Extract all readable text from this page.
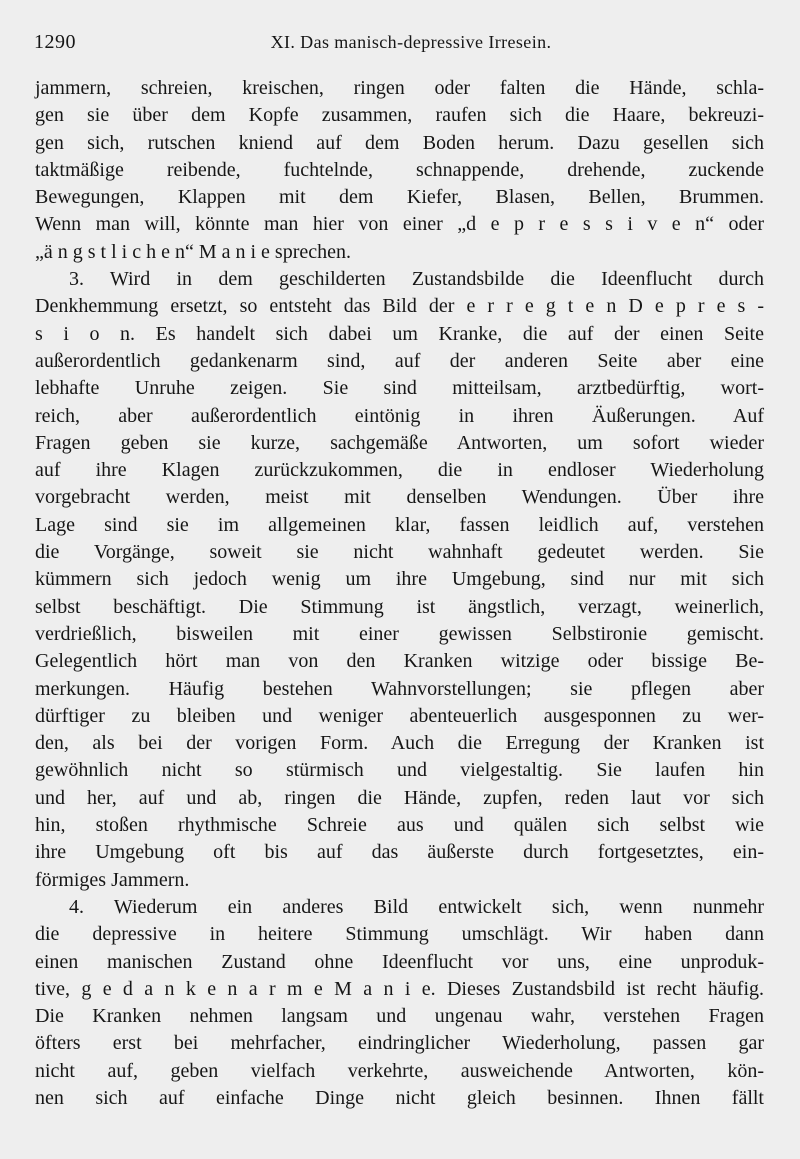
1290	XI. Das manisch-depressive Irresein.
jammern, schreien, kreischen, ringen oder falten die Hände, schla-
gen sie über dem Kopfe zusammen, raufen sich die Haare, bekreuzi-
gen sich, rutschen kniend auf dem Boden herum. Dazu gesellen sich
taktmäßige reibende, fuchtelnde, schnappende, drehende, zuckende
Bewegungen, Klappen mit dem Kiefer, Blasen, Bellen, Brummen.
Wenn man will, könnte man hier von einer „d e p r e s s i v e n“ oder
„ä n g s t l i c h e n“ M a n i e sprechen.
3. Wird in dem geschilderten Zustandsbilde die Ideenflucht durch
Denkhemmung ersetzt, so entsteht das Bild der e r r e g t e n D e p r e s -
s i o n. Es handelt sich dabei um Kranke, die auf der einen Seite
außerordentlich gedankenarm sind, auf der anderen Seite aber eine
lebhafte Unruhe zeigen. Sie sind mitteilsam, arztbedürftig, wort-
reich, aber außerordentlich eintönig in ihren Äußerungen. Auf
Fragen geben sie kurze, sachgemäße Antworten, um sofort wieder
auf ihre Klagen zurückzukommen, die in endloser Wiederholung
vorgebracht werden, meist mit denselben Wendungen. Über ihre
Lage sind sie im allgemeinen klar, fassen leidlich auf, verstehen
die Vorgänge, soweit sie nicht wahnhaft gedeutet werden. Sie
kümmern sich jedoch wenig um ihre Umgebung, sind nur mit sich
selbst beschäftigt. Die Stimmung ist ängstlich, verzagt, weinerlich,
verdrießlich, bisweilen mit einer gewissen Selbstironie gemischt.
Gelegentlich hört man von den Kranken witzige oder bissige Be-
merkungen. Häufig bestehen Wahnvorstellungen; sie pflegen aber
dürftiger zu bleiben und weniger abenteuerlich ausgesponnen zu wer-
den, als bei der vorigen Form. Auch die Erregung der Kranken ist
gewöhnlich nicht so stürmisch und vielgestaltig. Sie laufen hin
und her, auf und ab, ringen die Hände, zupfen, reden laut vor sich
hin, stoßen rhythmische Schreie aus und quälen sich selbst wie
ihre Umgebung oft bis auf das äußerste durch fortgesetztes, ein-
förmiges Jammern.
4. Wiederum ein anderes Bild entwickelt sich, wenn nunmehr
die depressive in heitere Stimmung umschlägt. Wir haben dann
einen manischen Zustand ohne Ideenflucht vor uns, eine unproduk-
tive, g e d a n k e n a r m e M a n i e. Dieses Zustandsbild ist recht häufig.
Die Kranken nehmen langsam und ungenau wahr, verstehen Fragen
öfters erst bei mehrfacher, eindringlicher Wiederholung, passen gar
nicht auf, geben vielfach verkehrte, ausweichende Antworten, kön-
nen sich auf einfache Dinge nicht gleich besinnen. Ihnen fällt
